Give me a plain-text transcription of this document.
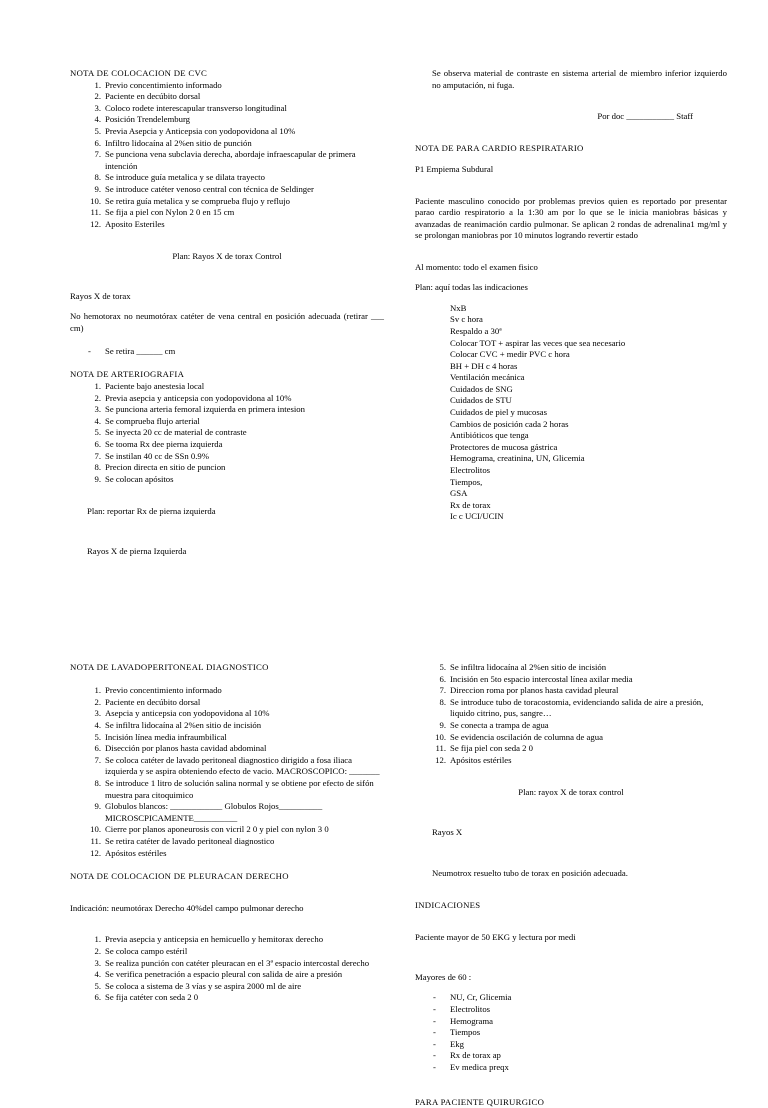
NOTA DE COLOCACION DE CVC

1. Previo concentimiento informado
2. Paciente en decúbito dorsal
3. Coloco rodete interescapular transverso longitudinal
4. Posición Trendelemburg
5. Previa Asepcia y Anticepsia con yodopovidona al 10%
6. Infiltro lidocaína al 2%en sitio de punción
7. Se punciona vena subclavia derecha, abordaje infraescapular de primera intención
8. Se introduce guía metalica y se dilata trayecto
9. Se introduce catéter venoso central con técnica de Seldinger
10. Se retira guía metalica y se comprueba flujo y reflujo
11. Se fija a piel con Nylon 2 0 en 15 cm
12. Aposito Esteriles

Plan: Rayos X de torax Control

Rayos X de torax

No hemotorax no neumotórax catéter de vena central en posición adecuada (retirar ___ cm)

- Se retira ______ cm

NOTA DE ARTERIOGRAFIA

1. Paciente bajo anestesia local
2. Previa asepcia y anticepsia con yodopovidona al 10%
3. Se punciona arteria femoral izquierda en primera intesion
4. Se comprueba flujo arterial
5. Se inyecta 20 cc de material de contraste
6. Se tooma Rx dee pierna izquierda
7. Se instilan 40 cc de SSn 0.9%
8. Precion directa en sitio de puncion
9. Se colocan apósitos

Plan: reportar Rx de pierna izquierda

Rayos X de pierna Izquierda

Se observa material de contraste en sistema arterial de miembro inferior izquierdo no amputación, ni fuga.

Por doc ___________ Staff

NOTA DE PARA CARDIO RESPIRATARIO

P1 Empiema Subdural

Paciente masculino conocido por problemas previos quien es reportado por presentar parao cardio respiratorio a la 1:30 am por lo que se le inicia maniobras básicas y avanzadas de reanimación cardio pulmonar. Se aplican 2 rondas de adrenalina1 mg/ml y se prolongan maniobras por 10 minutos logrando revertir estado

Al momento: todo el examen fisico

Plan: aquí todas las indicaciones

NxB

Sv c hora

Respaldo a 30ª

Colocar TOT + aspirar las veces que sea necesario

Colocar CVC + medir PVC c hora

BH + DH c 4 horas

Ventilación mecánica

Cuidados de SNG

Cuidados de STU

Cuidados de piel y mucosas

Cambios de posición cada 2 horas

Antibióticos que tenga

Protectores de mucosa gástrica

Hemograma, creatinina, UN, Glicemia

Electrolitos

Tiempos,

GSA

Rx de torax

Ic c UCI/UCIN

NOTA DE LAVADOPERITONEAL DIAGNOSTICO

1. Previo concentimiento informado
2. Paciente en decúbito dorsal
3. Asepcia y anticepsia con yodopovidona al 10%
4. Se infiltra lidocaína al 2%en sitio de incisión
5. Incisión línea media infraumbilical
6. Disección por planos hasta cavidad abdominal
7. Se coloca catéter de lavado peritoneal diagnostico dirigido a fosa iliaca izquierda y se aspira obteniendo efecto de vacio. MACROSCOPICO: _______
8. Se introduce 1 litro de solución salina normal y se obtiene por efecto de sifón muestra para citoquimico
9. Globulos blancos: ____________ Globulos Rojos__________ MICROSCPICAMENTE__________
10. Cierre por planos aponeurosis con vicril 2 0 y piel con nylon 3 0
11. Se retira catéter de lavado peritoneal diagnostico
12. Apósitos estériles

NOTA DE COLOCACION DE PLEURACAN DERECHO

Indicación: neumotórax Derecho 40%del campo pulmonar derecho

1. Previa asepcia y anticepsia en hemicuello y hemitorax derecho
2. Se coloca campo estéril
3. Se realiza punción con catéter pleuracan en el 3ª espacio intercostal derecho
4. Se verifica penetración a espacio pleural con salida de aire a presión
5. Se coloca a sistema de 3 vías y se aspira 2000 ml de aire
6. Se fija catéter con seda 2 0
5. Se infiltra lidocaína al 2%en sitio de incisión
6. Incisión en 5to espacio intercostal línea axilar media
7. Direccion roma por planos hasta cavidad pleural
8. Se introduce tubo de toracostomia, evidenciando salida de aire a presión, liquido citrino, pus, sangre…
9. Se conecta a trampa de agua
10. Se evidencia oscilación de columna de agua
11. Se fija piel con seda 2 0
12. Apósitos estériles

Plan: rayox X de torax control

Rayos X

Neumotrox resuelto tubo de torax en posición adecuada.

INDICACIONES

Paciente mayor de 50 EKG y lectura por medi

Mayores de 60 :

- NU, Cr, Glicemia
- Electrolitos
- Hemograma
- Tiempos
- Ekg
- Rx de torax ap
- Ev medica preqx

PARA PACIENTE QUIRURGICO
